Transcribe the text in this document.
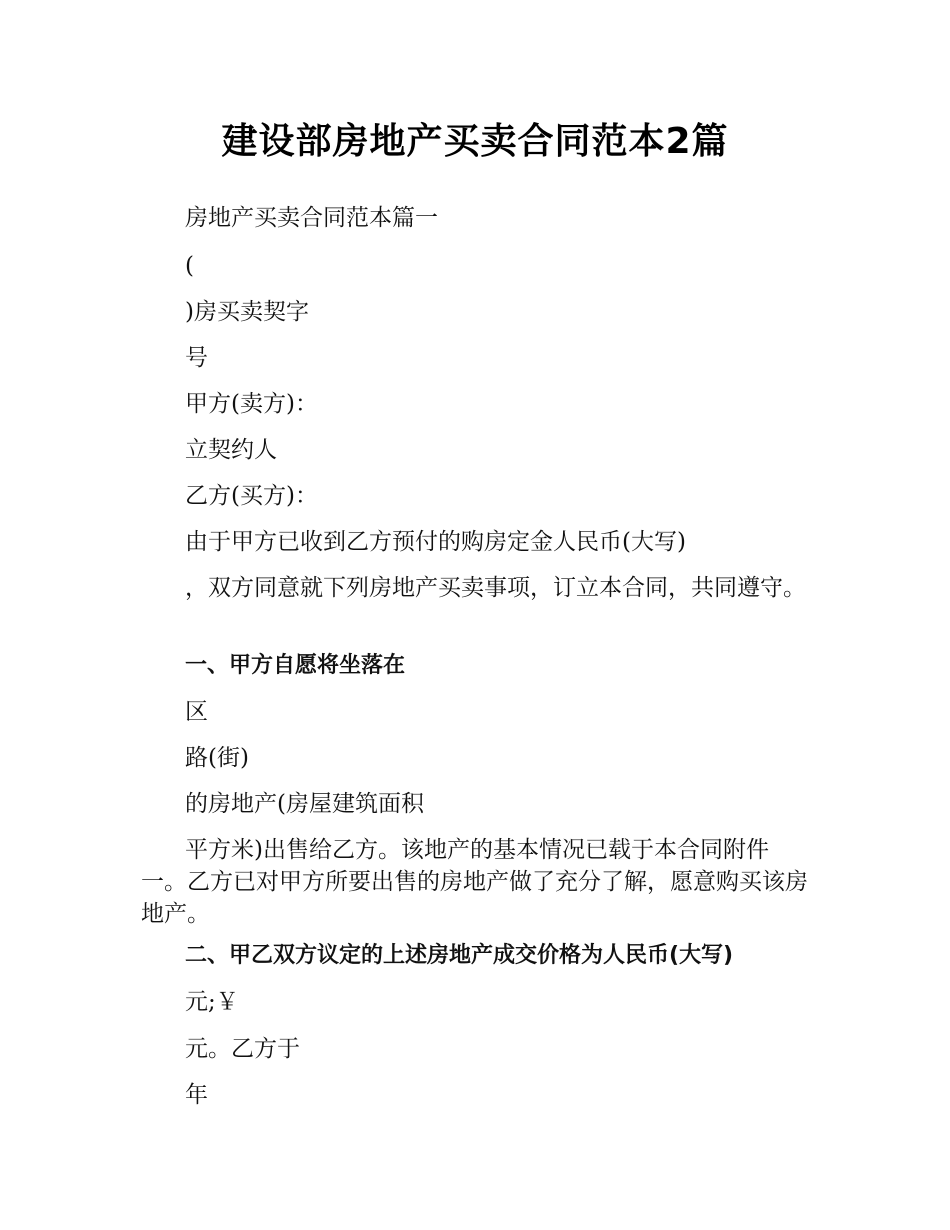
建设部房地产买卖合同范本2篇

房地产买卖合同范本篇一

(

)房买卖契字

号

甲方(卖方)：

立契约人

乙方(买方)：

由于甲方已收到乙方预付的购房定金人民币(大写)

，双方同意就下列房地产买卖事项，订立本合同，共同遵守。

一、甲方自愿将坐落在

区

路(街)

的房地产(房屋建筑面积

平方米)出售给乙方。该地产的基本情况已载于本合同附件一。乙方已对甲方所要出售的房地产做了充分了解，愿意购买该房地产。

二、甲乙双方议定的上述房地产成交价格为人民币(大写)

元;￥

元。乙方于

年
